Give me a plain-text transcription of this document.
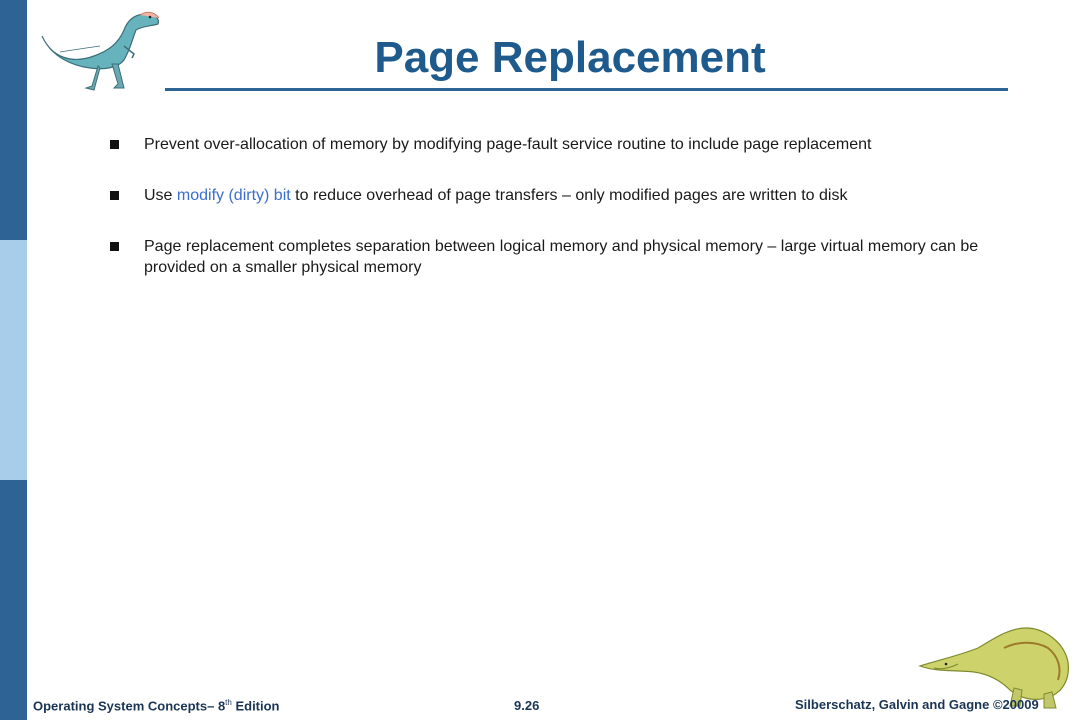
Page Replacement
Prevent over-allocation of memory by modifying page-fault service routine to include page replacement
Use modify (dirty) bit to reduce overhead of page transfers – only modified pages are written to disk
Page replacement completes separation between logical memory and physical memory – large virtual memory can be provided on a smaller physical memory
Operating System Concepts– 8th Edition	9.26	Silberschatz, Galvin and Gagne ©20009
